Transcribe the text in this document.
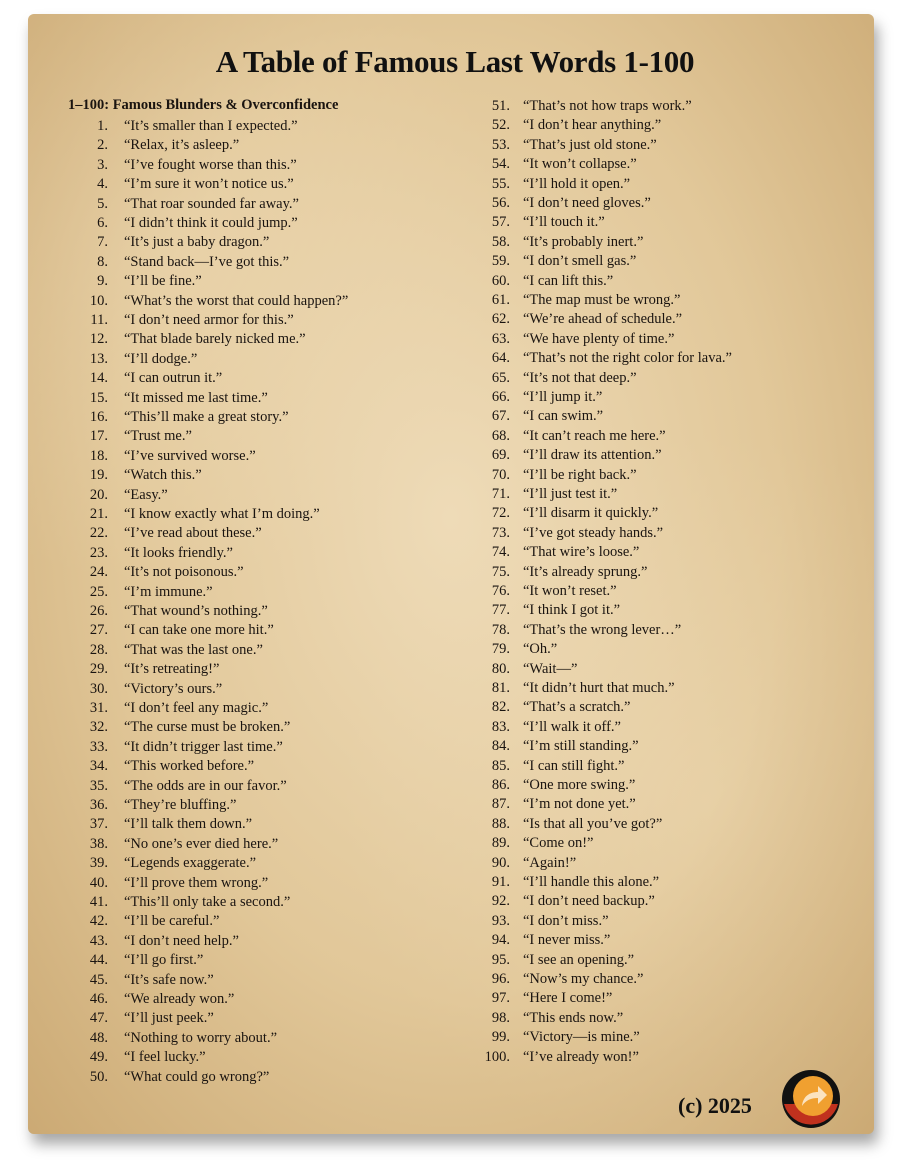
A Table of Famous Last Words 1-100
1–100: Famous Blunders & Overconfidence
1. “It’s smaller than I expected.”
2. “Relax, it’s asleep.”
3. “I’ve fought worse than this.”
4. “I’m sure it won’t notice us.”
5. “That roar sounded far away.”
6. “I didn’t think it could jump.”
7. “It’s just a baby dragon.”
8. “Stand back—I’ve got this.”
9. “I’ll be fine.”
10. “What’s the worst that could happen?”
11. “I don’t need armor for this.”
12. “That blade barely nicked me.”
13. “I’ll dodge.”
14. “I can outrun it.”
15. “It missed me last time.”
16. “This’ll make a great story.”
17. “Trust me.”
18. “I’ve survived worse.”
19. “Watch this.”
20. “Easy.”
21. “I know exactly what I’m doing.”
22. “I’ve read about these.”
23. “It looks friendly.”
24. “It’s not poisonous.”
25. “I’m immune.”
26. “That wound’s nothing.”
27. “I can take one more hit.”
28. “That was the last one.”
29. “It’s retreating!”
30. “Victory’s ours.”
31. “I don’t feel any magic.”
32. “The curse must be broken.”
33. “It didn’t trigger last time.”
34. “This worked before.”
35. “The odds are in our favor.”
36. “They’re bluffing.”
37. “I’ll talk them down.”
38. “No one’s ever died here.”
39. “Legends exaggerate.”
40. “I’ll prove them wrong.”
41. “This’ll only take a second.”
42. “I’ll be careful.”
43. “I don’t need help.”
44. “I’ll go first.”
45. “It’s safe now.”
46. “We already won.”
47. “I’ll just peek.”
48. “Nothing to worry about.”
49. “I feel lucky.”
50. “What could go wrong?”
51. “That’s not how traps work.”
52. “I don’t hear anything.”
53. “That’s just old stone.”
54. “It won’t collapse.”
55. “I’ll hold it open.”
56. “I don’t need gloves.”
57. “I’ll touch it.”
58. “It’s probably inert.”
59. “I don’t smell gas.”
60. “I can lift this.”
61. “The map must be wrong.”
62. “We’re ahead of schedule.”
63. “We have plenty of time.”
64. “That’s not the right color for lava.”
65. “It’s not that deep.”
66. “I’ll jump it.”
67. “I can swim.”
68. “It can’t reach me here.”
69. “I’ll draw its attention.”
70. “I’ll be right back.”
71. “I’ll just test it.”
72. “I’ll disarm it quickly.”
73. “I’ve got steady hands.”
74. “That wire’s loose.”
75. “It’s already sprung.”
76. “It won’t reset.”
77. “I think I got it.”
78. “That’s the wrong lever…”
79. “Oh.”
80. “Wait—”
81. “It didn’t hurt that much.”
82. “That’s a scratch.”
83. “I’ll walk it off.”
84. “I’m still standing.”
85. “I can still fight.”
86. “One more swing.”
87. “I’m not done yet.”
88. “Is that all you’ve got?”
89. “Come on!”
90. “Again!”
91. “I’ll handle this alone.”
92. “I don’t need backup.”
93. “I don’t miss.”
94. “I never miss.”
95. “I see an opening.”
96. “Now’s my chance.”
97. “Here I come!”
98. “This ends now.”
99. “Victory—is mine.”
100. “I’ve already won!”
(c) 2025
